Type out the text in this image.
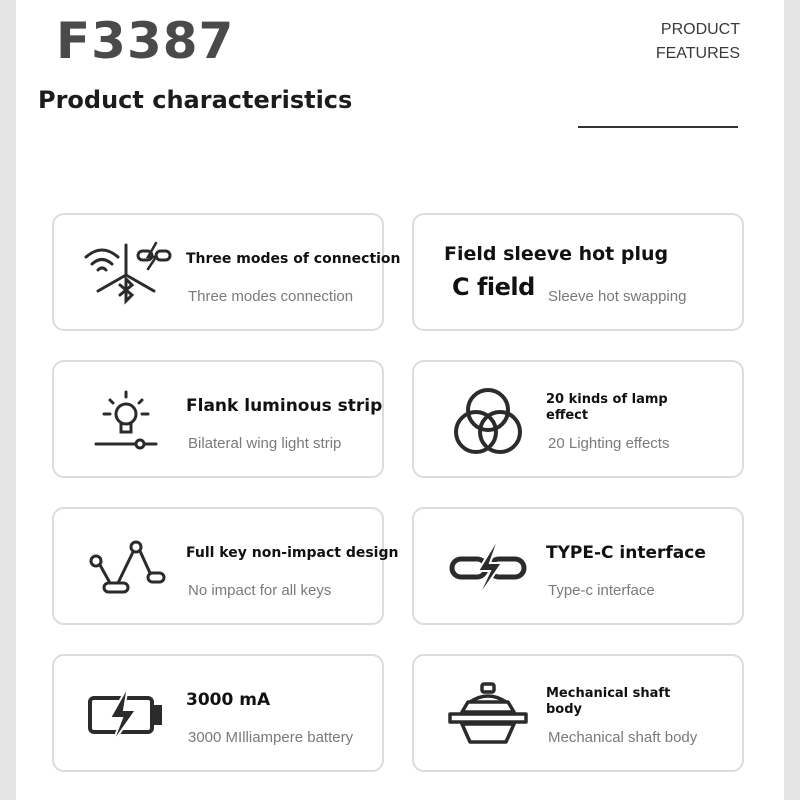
F3387
Product characteristics
PRODUCT
FEATURES
Three modes of connection
Three modes connection
Field sleeve hot plug
C field Sleeve hot swapping
Flank luminous strip
Bilateral wing light strip
20 kinds of lamp effect
20 Lighting effects
Full key non-impact design
No impact for all keys
TYPE-C interface
Type-c interface
3000 mA
3000 MIlliampere battery
Mechanical shaft body
Mechanical shaft body
